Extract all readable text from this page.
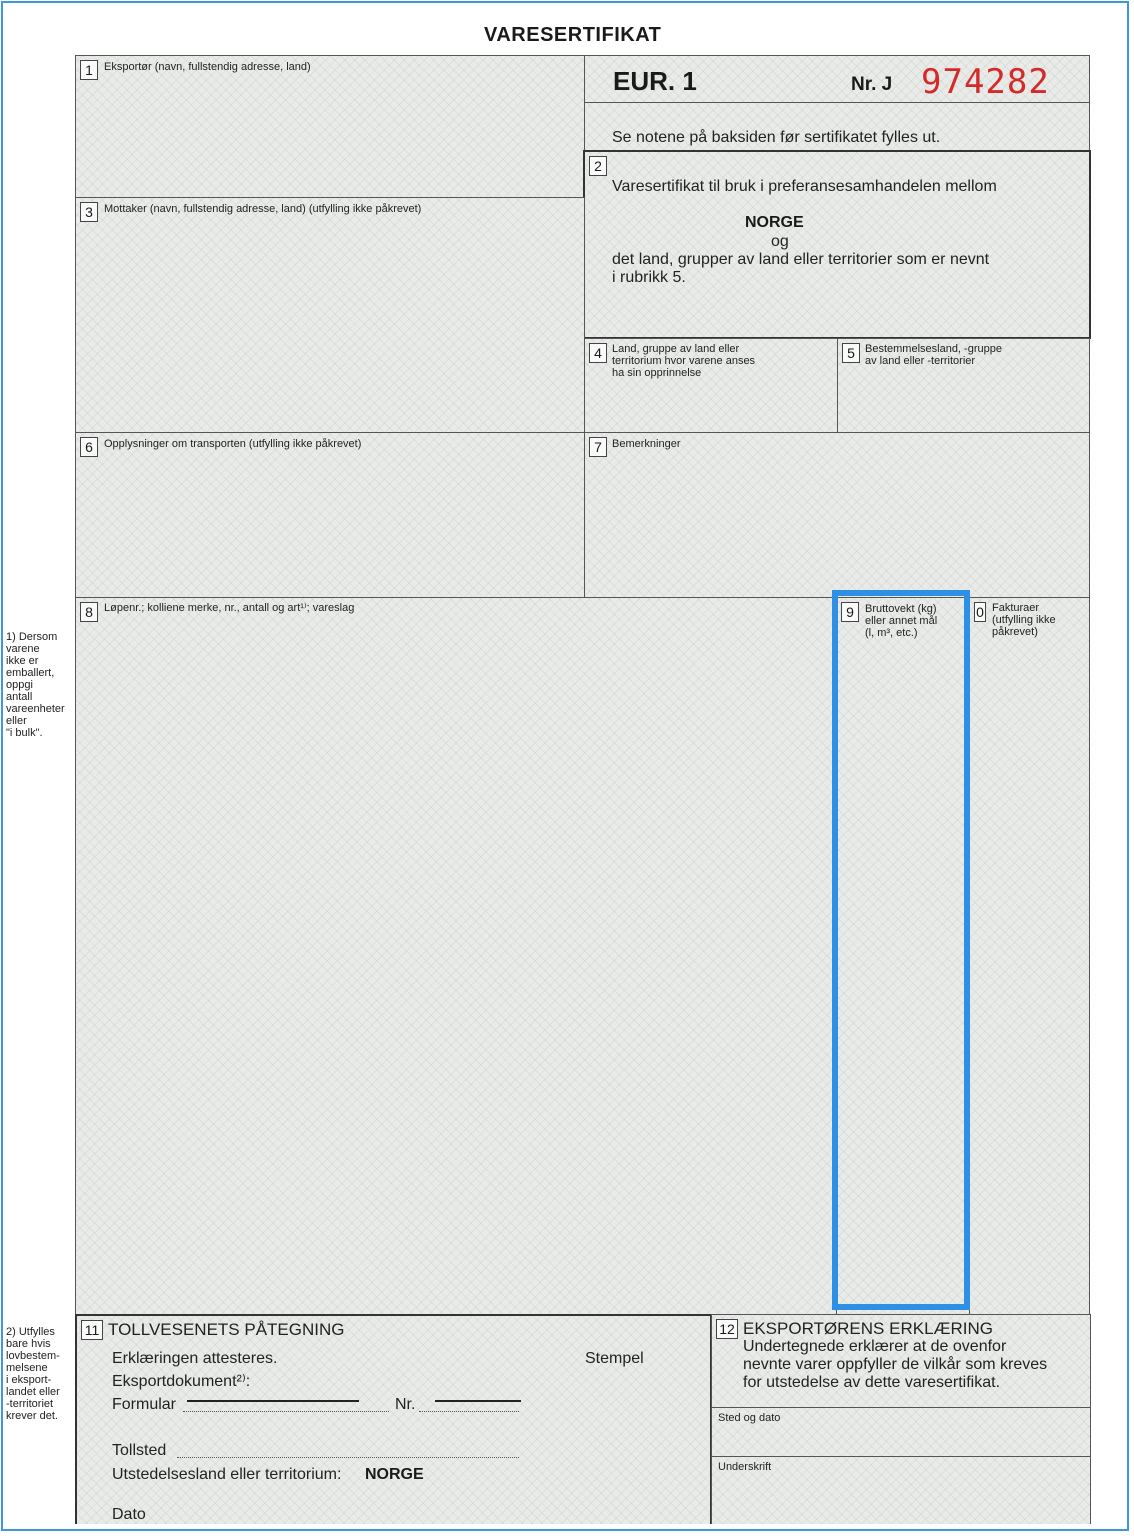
VARESERTIFIKAT
1	Eksportør (navn, fullstendig adresse, land)	EUR. 1	Nr. J 974282
Se notene på baksiden før sertifikatet fylles ut.
2
Varesertifikat til bruk i preferansesamhandelen mellom
NORGE
og
det land, grupper av land eller territorier som er nevnt
i rubrikk 5.
3	Mottaker (navn, fullstendig adresse, land) (utfylling ikke påkrevet)
4 Land, gruppe av land eller
territorium hvor varene anses
ha sin opprinnelse
5 Bestemmelsesland, -gruppe
av land eller -territorier
6	Opplysninger om transporten (utfylling ikke påkrevet)	7 Bemerkninger
8	Løpenr.; kolliene merke, nr., antall og art¹⁾; vareslag	9	Bruttovekt (kg)
eller annet mål
(l, m³, etc.)
0 Fakturaer
(utfylling ikke
påkrevet)
1) Dersom
varene
ikke er
emballert,
oppgi
antall
vareenheter
eller
"i bulk".
2) Utfylles
bare hvis
lovbestem-
melsene
i eksport-
landet eller
-territoriet
krever det.
11 TOLLVESENETS PÅTEGNING
Erklæringen attesteres.	Stempel
Eksportdokument²⁾:
Formular	Nr.
Tollsted
Utstedelsesland eller territorium: NORGE
Dato
12 EKSPORTØRENS ERKLÆRING
Undertegnede erklærer at de ovenfor
nevnte varer oppfyller de vilkår som kreves
for utstedelse av dette varesertifikat.
Sted og dato
Underskrift
